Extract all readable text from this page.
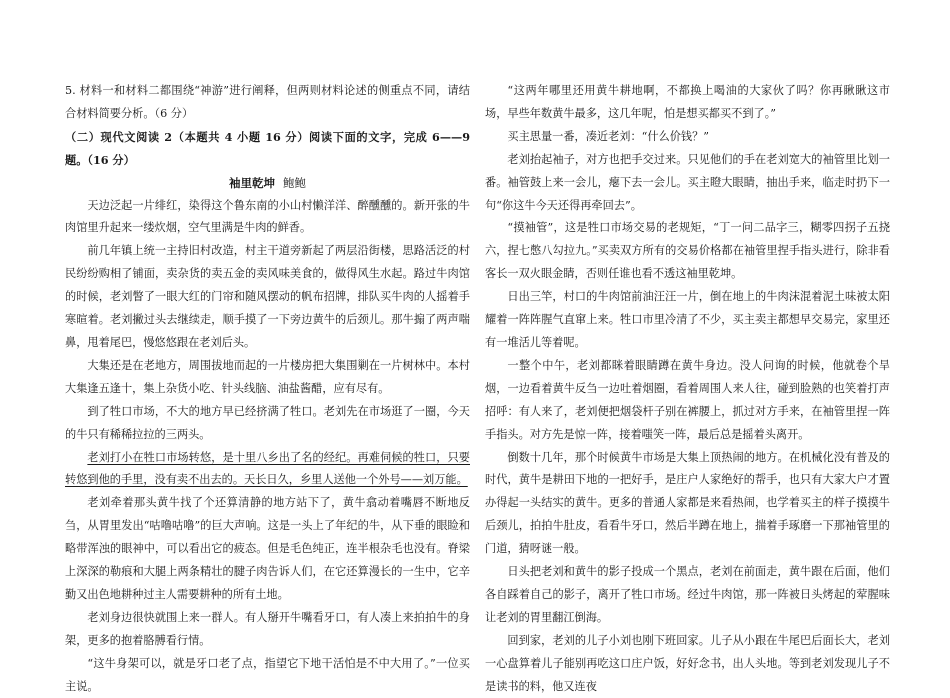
5. 材料一和材料二都围绕“神游”进行阐释，但两则材料论述的侧重点不同，请结合材料简要分析。（6 分）

（二）现代文阅读 2（本题共 4 小题 16 分）阅读下面的文字，完成 6——9 题。（16 分）

袖里乾坤 鲍鲍

天边泛起一片绯红，染得这个鲁东南的小山村懒洋洋、醉醺醺的。新开张的牛肉馆里升起来一缕炊烟，空气里满是牛肉的鲜香。

前几年镇上统一主持旧村改造，村主干道旁新起了两层沿街楼，思路活泛的村民纷纷购相了铺面，卖杂货的卖五金的卖风味美食的，做得风生水起。路过牛肉馆的时候，老刘瞥了一眼大红的门帘和随风摆动的帆布招牌，排队买牛肉的人摇着手寒暄着。老刘撇过头去继续走，顺手摸了一下旁边黄牛的后颈儿。那牛搧了两声喘鼻，甩着尾巴，慢悠悠跟在老刘后头。

大集还是在老地方，周围拔地而起的一片楼房把大集围剿在一片树林中。本村大集逢五逢十，集上杂货小吃、针头线脑、油盐酱醋，应有尽有。

到了牲口市场，不大的地方早已经挤满了牲口。老刘先在市场逛了一圈，今天的牛只有稀稀拉拉的三两头。

老刘打小在牲口市场转悠，是十里八乡出了名的经纪。再难伺候的牲口，只要转悠到他的手里，没有卖不出去的。天长日久，乡里人送他一个外号——刘万能。

老刘牵着那头黄牛找了个还算清静的地方站下了，黄牛翕动着嘴唇不断地反刍，从胃里发出“咕噜咕噜”的巨大声响。这是一头上了年纪的牛，从下垂的眼睑和略带浑浊的眼神中，可以看出它的疲态。但是毛色纯正，连半根杂毛也没有。脊梁上深深的勒痕和大腿上两条精壮的腱子肉告诉人们，在它还算漫长的一生中，它辛勤又出色地耕种过主人需要耕种的所有土地。

老刘身边很快就围上来一群人。有人掰开牛嘴看牙口，有人凑上来拍拍牛的身架，更多的抱着胳膊看行情。

“这牛身架可以，就是牙口老了点，指望它下地干活怕是不中大用了。”一位买主说。

“这两年哪里还用黄牛耕地啊，不都换上喝油的大家伙了吗？你再瞅瞅这市场，早些年数黄牛最多，这几年呢，怕是想买都买不到了。”

买主思量一番，凑近老刘：“什么价钱？”

老刘抬起袖子，对方也把手交过来。只见他们的手在老刘宽大的袖管里比划一番。袖管鼓上来一会儿，瘪下去一会儿。买主瞪大眼睛，抽出手来，临走时扔下一句“你这牛今天还得再牵回去”。

“摸袖管”，这是牲口市场交易的老规矩，“丁一问二品字三，糊零四拐子五挠六，捏七憋八勾拉九。”买卖双方所有的交易价格都在袖管里捏手指头进行，除非看客长一双火眼金睛，否则任谁也看不透这袖里乾坤。

日出三竿，村口的牛肉馆前油汪汪一片，倒在地上的牛肉沫混着泥土味被太阳耀着一阵阵腥气直窜上来。牲口市里冷清了不少，买主卖主都想早交易完，家里还有一堆活儿等着呢。

一整个中午，老刘都眯着眼睛蹲在黄牛身边。没人问询的时候，他就卷个旱烟，一边看着黄牛反刍一边吐着烟圈，看着周围人来人往，碰到脸熟的也笑着打声招呼：有人来了，老刘便把烟袋杆子别在裤腰上，抓过对方手来，在袖管里捏一阵手指头。对方先是惊一阵，接着嗤笑一阵，最后总是摇着头离开。

倒数十几年，那个时候黄牛市场是大集上顶热闹的地方。在机械化没有普及的时代，黄牛是耕田下地的一把好手，是庄户人家绝好的帮手，也只有大家大户才置办得起一头结实的黄牛。更多的普通人家都是来看热闹，也学着买主的样子摸摸牛后颈儿，拍拍牛肚皮，看看牛牙口，然后半蹲在地上，揣着手琢磨一下那袖管里的门道，猜呀谜一般。

日头把老刘和黄牛的影子投成一个黑点，老刘在前面走，黄牛跟在后面，他们各自踩着自己的影子，离开了牲口市场。经过牛肉馆，那一阵被日头烤起的荤腥味让老刘的胃里翻江倒海。

回到家，老刘的儿子小刘也刚下班回家。儿子从小跟在牛尾巴后面长大，老刘一心盘算着儿子能别再吃这口庄户饭，好好念书，出人头地。等到老刘发现儿子不是读书的料，他又连夜
